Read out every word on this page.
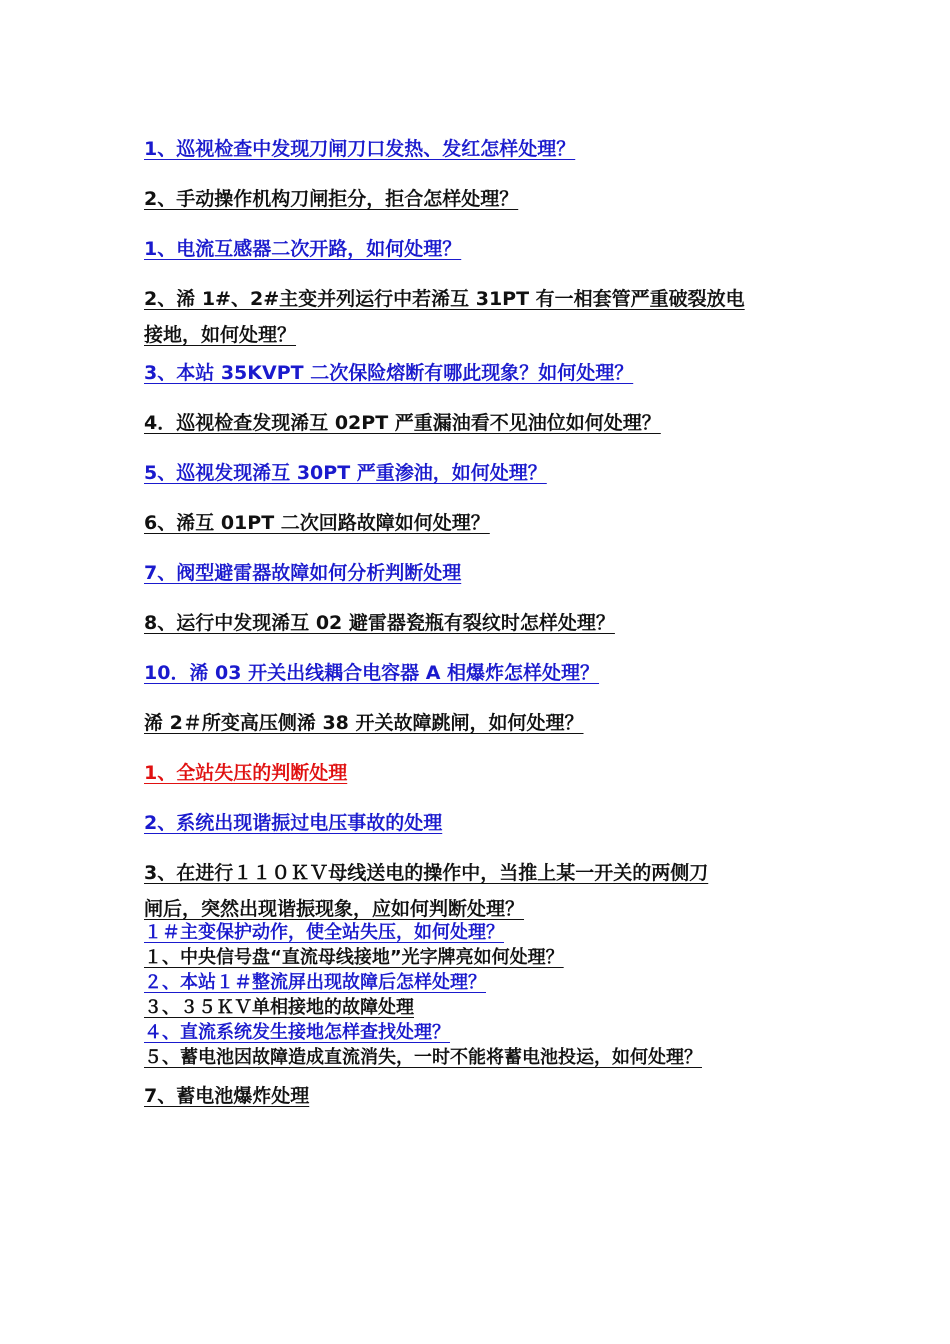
1、巡视检查中发现刀闸刀口发热、发红怎样处理？

2、手动操作机构刀闸拒分，拒合怎样处理？

1、电流互感器二次开路，如何处理？

2、浠 1#、2#主变并列运行中若浠互 31PT 有一相套管严重破裂放电

接地，如何处理？

3、本站 35KVPT 二次保险熔断有哪此现象？如何处理？

4．巡视检查发现浠互 02PT 严重漏油看不见油位如何处理？

5、巡视发现浠互 30PT 严重渗油，如何处理？

6、浠互 01PT 二次回路故障如何处理？

7、阀型避雷器故障如何分析判断处理

8、运行中发现浠互 02 避雷器瓷瓶有裂纹时怎样处理？

10．浠 03 开关出线耦合电容器 A 相爆炸怎样处理？

浠 2＃所变高压侧浠 38 开关故障跳闸，如何处理？

1、全站失压的判断处理

2、系统出现谐振过电压事故的处理

3、在进行１１０ＫＶ母线送电的操作中，当推上某一开关的两侧刀

闸后，突然出现谐振现象，应如何判断处理？

１＃主变保护动作，使全站失压，如何处理？

１、中央信号盘“直流母线接地”光字牌亮如何处理？

２、本站１＃整流屏出现故障后怎样处理？

３、３５ＫＶ单相接地的故障处理

４、直流系统发生接地怎样查找处理？

５、蓄电池因故障造成直流消失，一时不能将蓄电池投运，如何处理？

7、蓄电池爆炸处理
